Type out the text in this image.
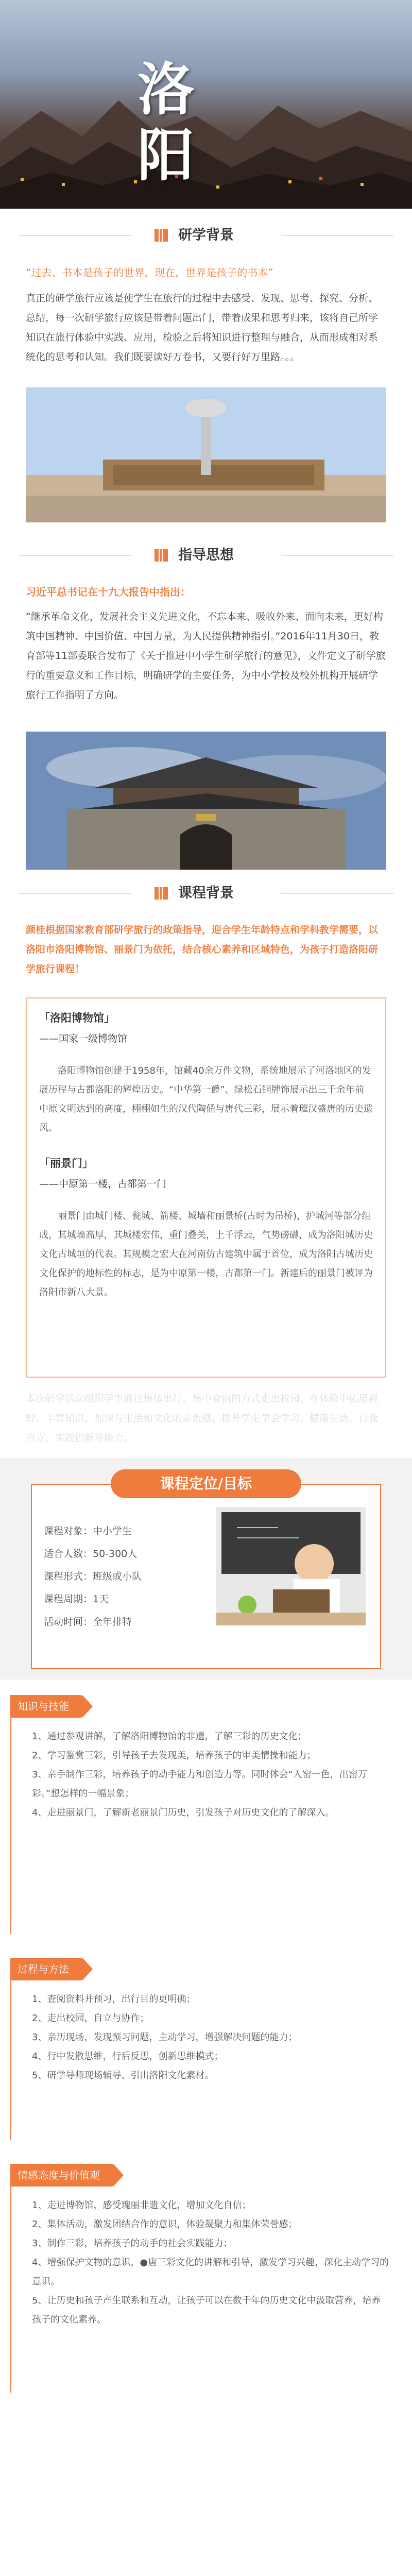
洛
阳
研学背景
“过去、书本是孩子的世界，现在，世界是孩子的书本”
真正的研学旅行应该是使学生在旅行的过程中去感受、发现、思考、探究、分析、总结，每一次研学旅行应该是带着问题出门，带着成果和思考归来，该将自己所学知识在旅行体验中实践、应用，检验之后将知识进行整理与融合，从而形成相对系统化的思考和认知。我们既要读好万卷书，又要行好万里路。。。
指导思想
习近平总书记在十九大报告中指出：
“继承革命文化，发展社会主义先进文化，不忘本来、吸收外来、面向未来，更好构筑中国精神、中国价值、中国力量，为人民提供精神指引。”2016年11月30日，教育部等11部委联合发布了《关于推进中小学生研学旅行的意见》，文件定义了研学旅行的重要意义和工作目标，明确研学的主要任务，为中小学校及校外机构开展研学旅行工作指明了方向。
课程背景
颜桂根据国家教育部研学旅行的政策指导，迎合学生年龄特点和学科教学需要，以洛阳市洛阳博物馆、丽景门为依托，结合核心素养和区域特色，为孩子打造洛阳研学旅行课程！
「洛阳博物馆」
——国家一级博物馆

洛阳博物馆创建于1958年，馆藏40余万件文物，系统地展示了河洛地区的发展历程与古都洛阳的辉煌历史。“中华第一爵”、绿松石铜牌饰展示出三千余年前中原文明达到的高度，栩栩如生的汉代陶俑与唐代三彩，展示着璀汉盛唐的历史遗风。

「丽景门」
——中原第一楼，古都第一门

丽景门由城门楼、瓮城、箭楼、城墙和丽景桥(古时为吊桥)，护城河等部分组成，其城墙高厚，其城楼宏伟，重门叠关，上千浮云，气势磅礴，成为洛阳城历史文化古城垣的代表。其规模之宏大在河南仿古建筑中属于首位，成为洛阳古城历史文化保护的地标性的标志，是为中原第一楼，古都第一门。新建后的丽景门被评为洛阳市新八大景。

本次研学活动组织学生通过集体出行、集中食宿的方式走出校园，在体验中拓展视野、丰富知识，加深与生活和文化的亲近感，提升学生学会学习、健康生活、自我自立、实践创新等能力。
课程定位/目标
课程对象：中小学生
适合人数：50-300人
课程形式：班级或小队
课程周期：1天
活动时间：全年排特
知识与技能
1、通过参观讲解，了解洛阳博物馆的非遗，了解三彩的历史文化；
2、学习鉴赏三彩，引导孩子去发现美，培养孩子的审美情操和能力；
3、亲手制作三彩，培养孩子的动手能力和创造力等。同时体会“入窑一色，出窑万彩。”想怎样的一幅景象；
4、走进丽景门，了解新老丽景门历史，引发孩子对历史文化的了解深入。
过程与方法
1、查阅资料并预习，出行目的更明确；
2、走出校园，自立与协作；
3、亲历现场，发现预习问题，主动学习，增强解决问题的能力；
4、行中发散思维，行后反思，创新思维模式；
5、研学导师现场辅导、引出洛阳文化素材。
情感态度与价值观
1、走进博物馆，感受瑰丽非遗文化，增加文化自信；
2、集体活动，激发团结合作的意识，体验凝聚力和集体荣誉感；
3、制作三彩，培养孩子的动手的社会实践能力；
4、增强保护文物的意识，●唐三彩文化的讲解和引导，激发学习兴趣，深化主动学习的意识。
5、让历史和孩子产生联系和互动，让孩子可以在数千年的历史文化中汲取营养，培养孩子的文化素养。
